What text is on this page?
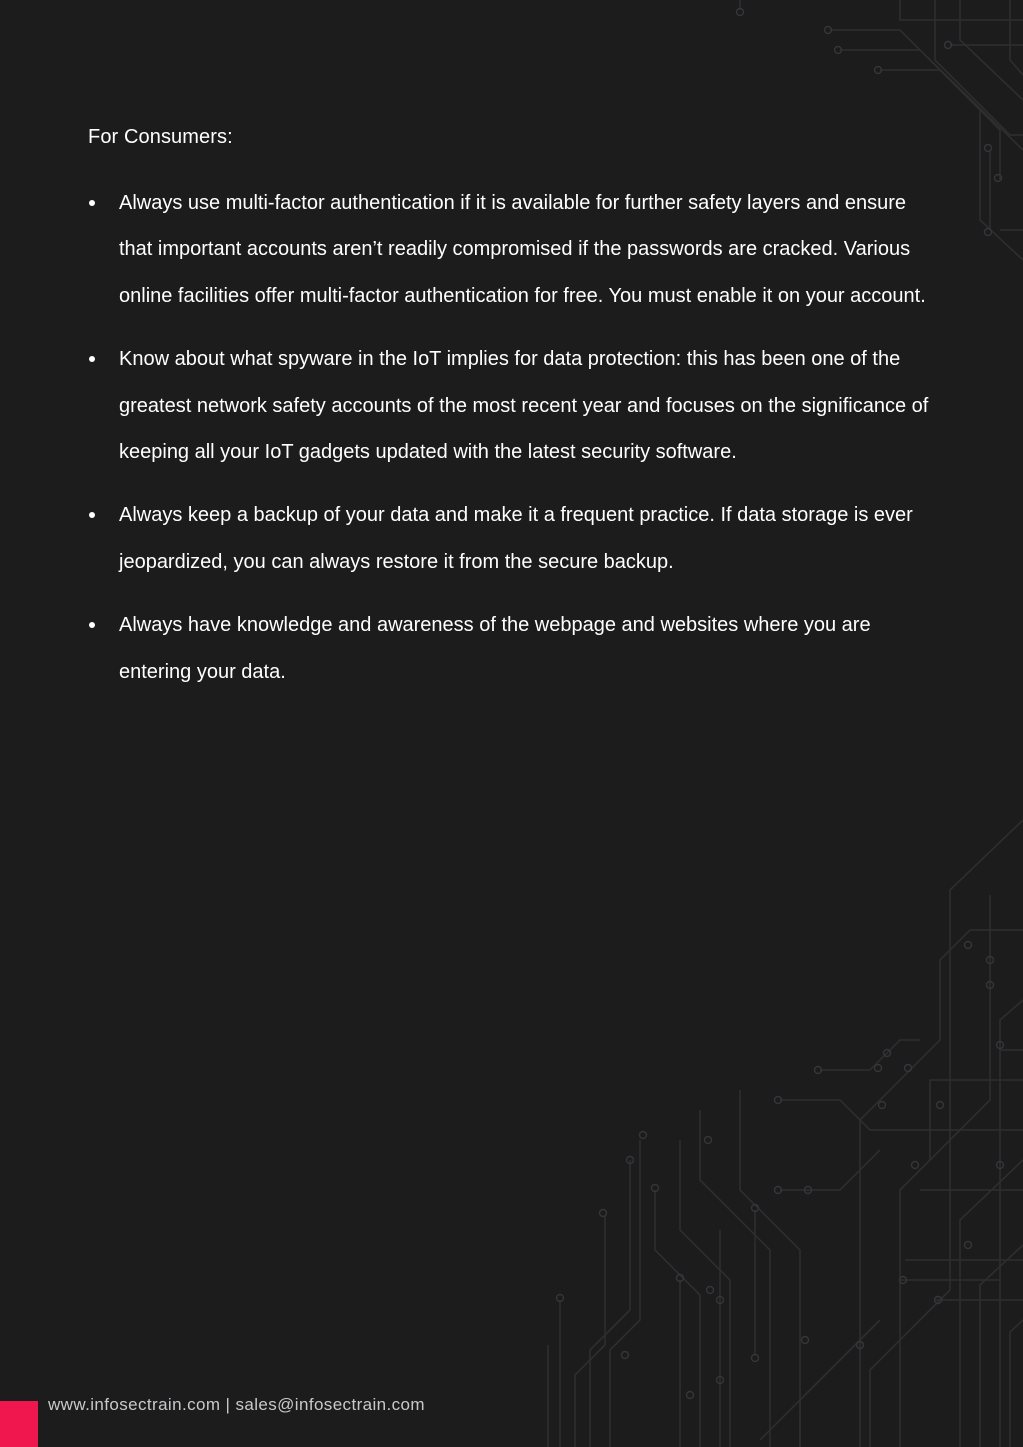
For Consumers:
Always use multi-factor authentication if it is available for further safety layers and ensure that important accounts aren’t readily compromised if the passwords are cracked. Various online facilities offer multi-factor authentication for free. You must enable it on your account.
Know about what spyware in the IoT implies for data protection: this has been one of the greatest network safety accounts of the most recent year and focuses on the significance of keeping all your IoT gadgets updated with the latest security software.
Always keep a backup of your data and make it a frequent practice. If data storage is ever jeopardized, you can always restore it from the secure backup.
Always have knowledge and awareness of the webpage and websites where you are entering your data.
www.infosectrain.com | sales@infosectrain.com
